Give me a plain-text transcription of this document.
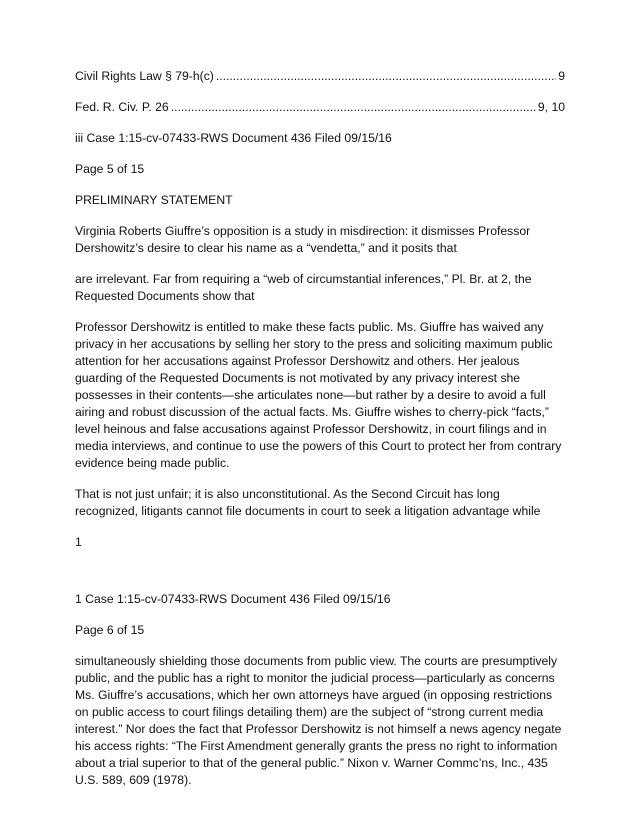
Civil Rights Law § 79-h(c) .....	9
Fed. R. Civ. P. 26 .....	9, 10

iii Case 1:15-cv-07433-RWS Document 436 Filed 09/15/16

Page 5 of 15

PRELIMINARY STATEMENT

Virginia Roberts Giuffre’s opposition is a study in misdirection: it dismisses Professor Dershowitz’s desire to clear his name as a “vendetta,” and it posits that

are irrelevant. Far from requiring a “web of circumstantial inferences,” Pl. Br. at 2, the Requested Documents show that

Professor Dershowitz is entitled to make these facts public. Ms. Giuffre has waived any privacy in her accusations by selling her story to the press and soliciting maximum public attention for her accusations against Professor Dershowitz and others. Her jealous guarding of the Requested Documents is not motivated by any privacy interest she possesses in their contents—she articulates none—but rather by a desire to avoid a full airing and robust discussion of the actual facts. Ms. Giuffre wishes to cherry-pick “facts,” level heinous and false accusations against Professor Dershowitz, in court filings and in media interviews, and continue to use the powers of this Court to protect her from contrary evidence being made public.

That is not just unfair; it is also unconstitutional. As the Second Circuit has long recognized, litigants cannot file documents in court to seek a litigation advantage while

1

1 Case 1:15-cv-07433-RWS Document 436 Filed 09/15/16

Page 6 of 15

simultaneously shielding those documents from public view. The courts are presumptively public, and the public has a right to monitor the judicial process—particularly as concerns Ms. Giuffre’s accusations, which her own attorneys have argued (in opposing restrictions on public access to court filings detailing them) are the subject of “strong current media interest.” Nor does the fact that Professor Dershowitz is not himself a news agency negate his access rights: “The First Amendment generally grants the press no right to information about a trial superior to that of the general public.” Nixon v. Warner Commc’ns, Inc., 435 U.S. 589, 609 (1978).
